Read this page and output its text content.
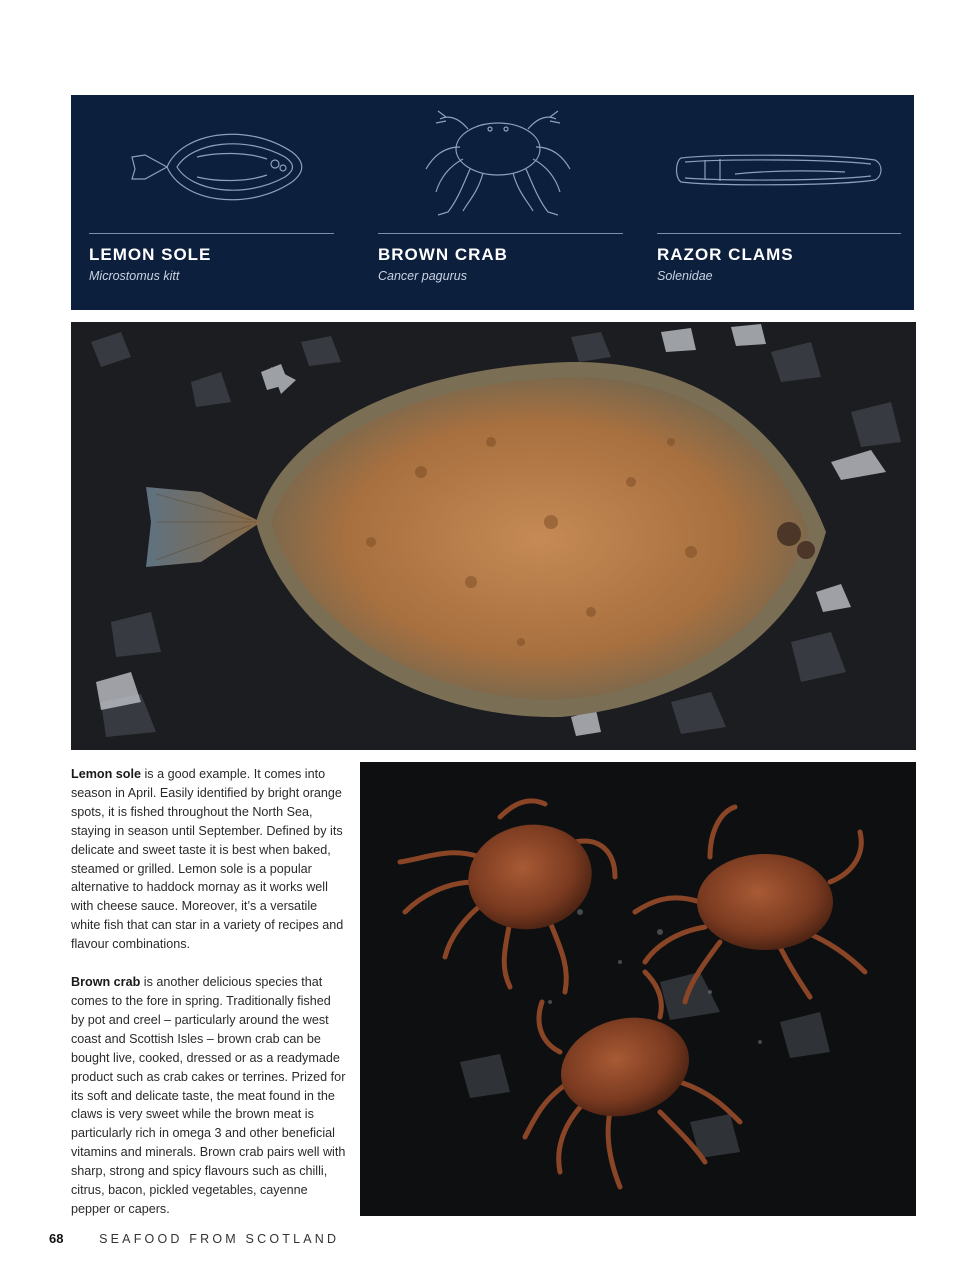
LEMON SOLE
Microstomus kitt
BROWN CRAB
Cancer pagurus
RAZOR CLAMS
Solenidae

Lemon sole is a good example. It comes into season in April. Easily identified by bright orange spots, it is fished throughout the North Sea, staying in season until September. Defined by its delicate and sweet taste it is best when baked, steamed or grilled. Lemon sole is a popular alternative to haddock mornay as it works well with cheese sauce. Moreover, it’s a versatile white fish that can star in a variety of recipes and flavour combinations.

Brown crab is another delicious species that comes to the fore in spring. Traditionally fished by pot and creel – particularly around the west coast and Scottish Isles – brown crab can be bought live, cooked, dressed or as a readymade product such as crab cakes or terrines. Prized for its soft and delicate taste, the meat found in the claws is very sweet while the brown meat is particularly rich in omega 3 and other beneficial vitamins and minerals. Brown crab pairs well with sharp, strong and spicy flavours such as chilli, citrus, bacon, pickled vegetables, cayenne pepper or capers.

68	SEAFOOD FROM SCOTLAND
